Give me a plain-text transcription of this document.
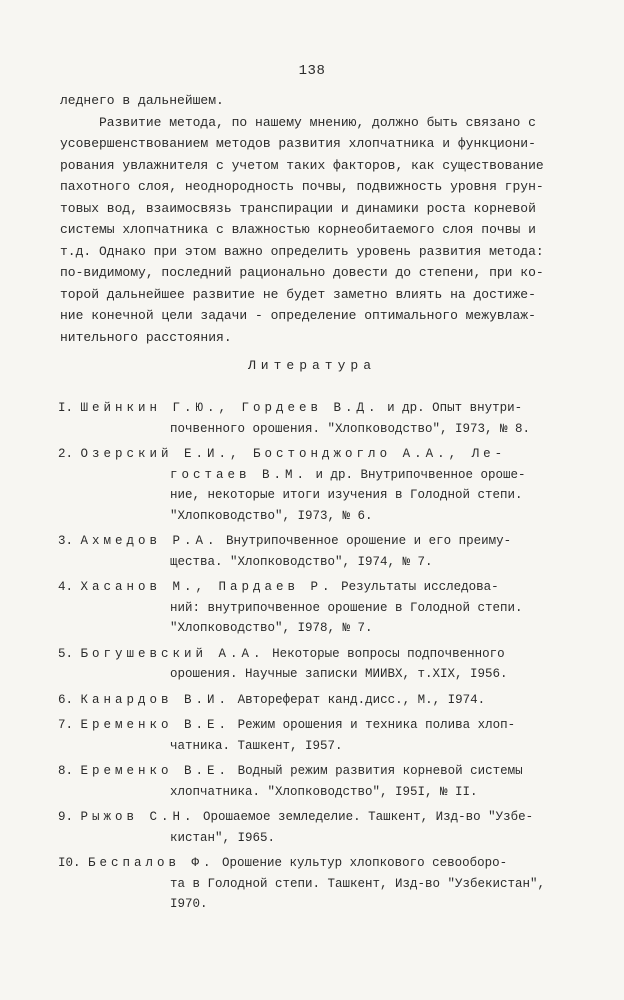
138
леднего в дальнейшем.
Развитие метода, по нашему мнению, должно быть связано с
усовершенствованием методов развития хлопчатника и функциони-
рования увлажнителя с учетом таких факторов, как существование
пахотного слоя, неоднородность почвы, подвижность уровня грун-
товых вод, взаимосвязь транспирации и динамики роста корневой
системы хлопчатника с влажностью корнеобитаемого слоя почвы и
т.д. Однако при этом важно определить уровень развития метода:
по-видимому, последний рационально довести до степени, при ко-
торой дальнейшее развитие не будет заметно влиять на достиже-
ние конечной цели задачи - определение оптимального межувлаж-
нительного расстояния.
Литература
I. Шейнкин Г.Ю., Гордеев В.Д. и др. Опыт внутри-
почвенного орошения. "Хлопководство", I973, № 8.
2. Озерский Е.И., Бостонджогло А.А., Ле-
гостаев В.М. и др. Внутрипочвенное ороше-
ние, некоторые итоги изучения в Голодной степи.
"Хлопководство", I973, № 6.
3. Ахмедов Р.А. Внутрипочвенное орошение и его преиму-
щества. "Хлопководство", I974, № 7.
4. Хасанов М., Пардаев Р. Результаты исследова-
ний: внутрипочвенное орошение в Голодной степи.
"Хлопководство", I978, № 7.
5. Богушевский А.А. Некоторые вопросы подпочвенного
орошения. Научные записки МИИВХ, т.XIX, I956.
6. Канардов В.И. Автореферат канд.дисс., М., I974.
7. Еременко В.Е. Режим орошения и техника полива хлоп-
чатника. Ташкент, I957.
8. Еременко В.Е. Водный режим развития корневой системы
хлопчатника. "Хлопководство", I95I, № II.
9. Рыжов С.Н. Орошаемое земледелие. Ташкент, Изд-во "Узбе-
кистан", I965.
I0. Беспалов Ф. Орошение культур хлопкового севооборо-
та в Голодной степи. Ташкент, Изд-во "Узбекистан",
I970.
